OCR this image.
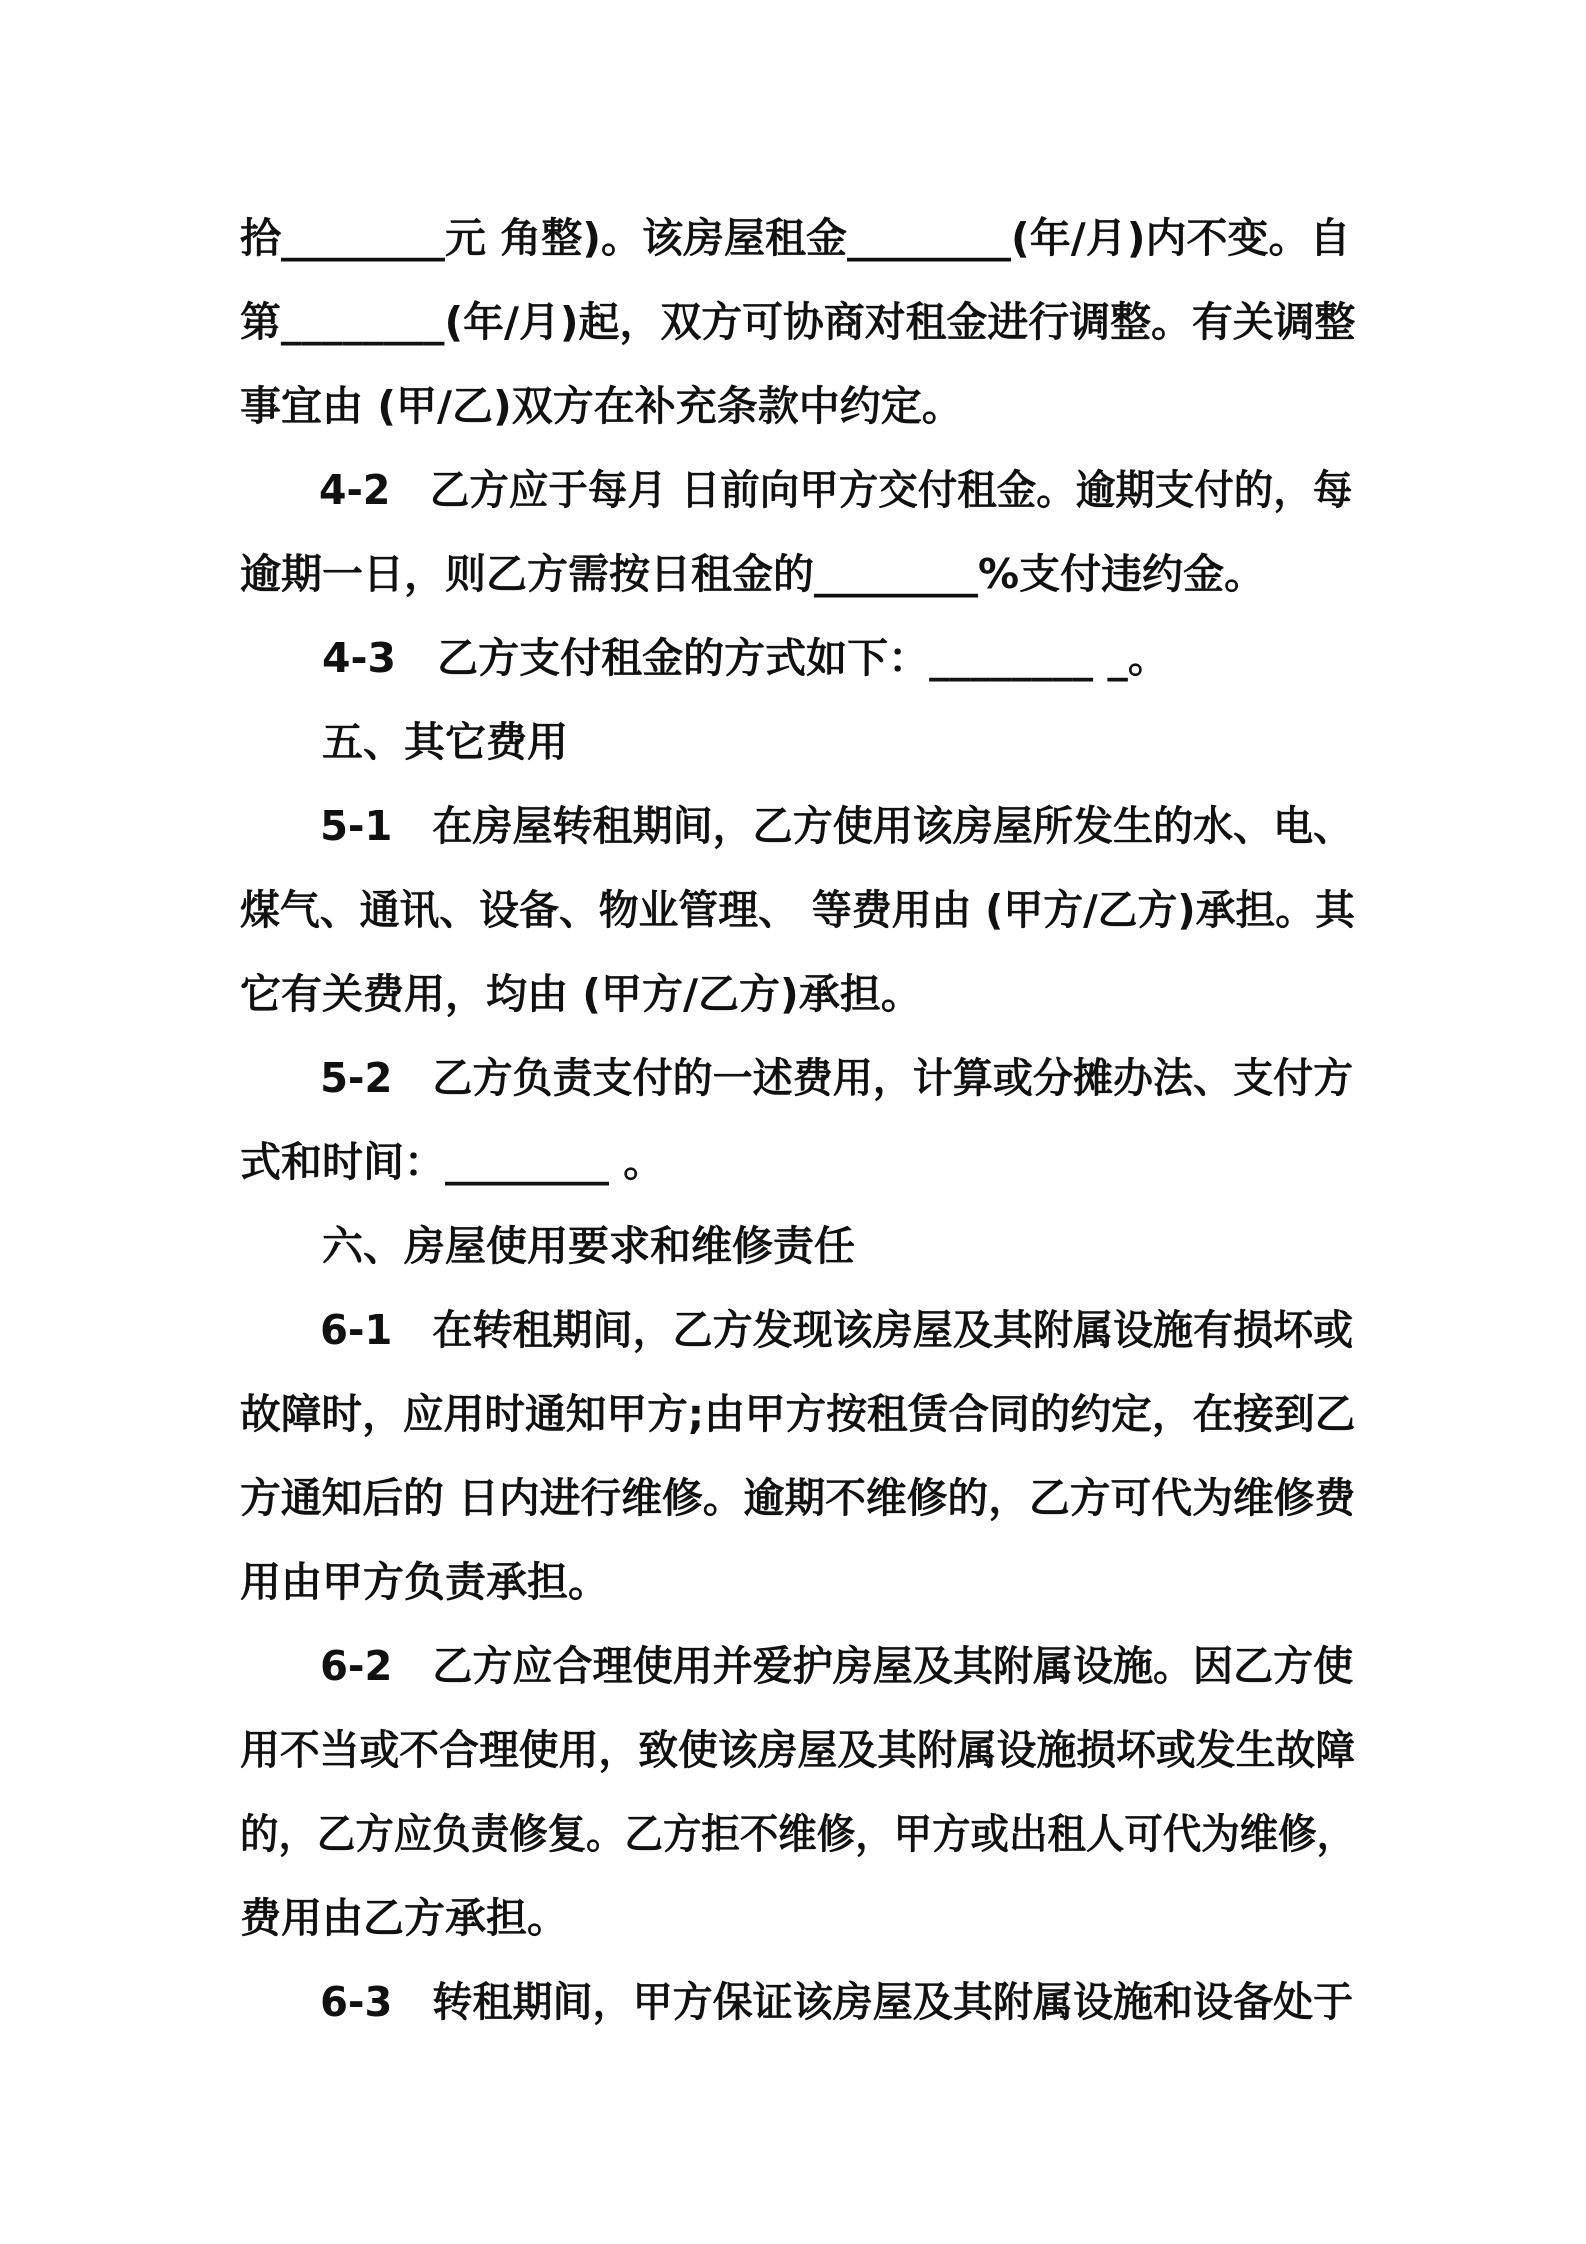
拾________元 角整)。该房屋租金________(年/月)内不变。自
第________(年/月)起，双方可协商对租金进行调整。有关调整
事宜由 (甲/乙)双方在补充条款中约定。
4-2　乙方应于每月 日前向甲方交付租金。逾期支付的，每
逾期一日，则乙方需按日租金的________%支付违约金。
4-3　乙方支付租金的方式如下：________ _。
五、其它费用
5-1　在房屋转租期间，乙方使用该房屋所发生的水、电、
煤气、通讯、设备、物业管理、 等费用由 (甲方/乙方)承担。其
它有关费用，均由 (甲方/乙方)承担。
5-2　乙方负责支付的一述费用，计算或分摊办法、支付方
式和时间：________ 。
六、房屋使用要求和维修责任
6-1　在转租期间，乙方发现该房屋及其附属设施有损坏或
故障时，应用时通知甲方;由甲方按租赁合同的约定，在接到乙
方通知后的 日内进行维修。逾期不维修的，乙方可代为维修费
用由甲方负责承担。
6-2　乙方应合理使用并爱护房屋及其附属设施。因乙方使
用不当或不合理使用，致使该房屋及其附属设施损坏或发生故障
的，乙方应负责修复。乙方拒不维修，甲方或出租人可代为维修，
费用由乙方承担。
6-3　转租期间，甲方保证该房屋及其附属设施和设备处于
